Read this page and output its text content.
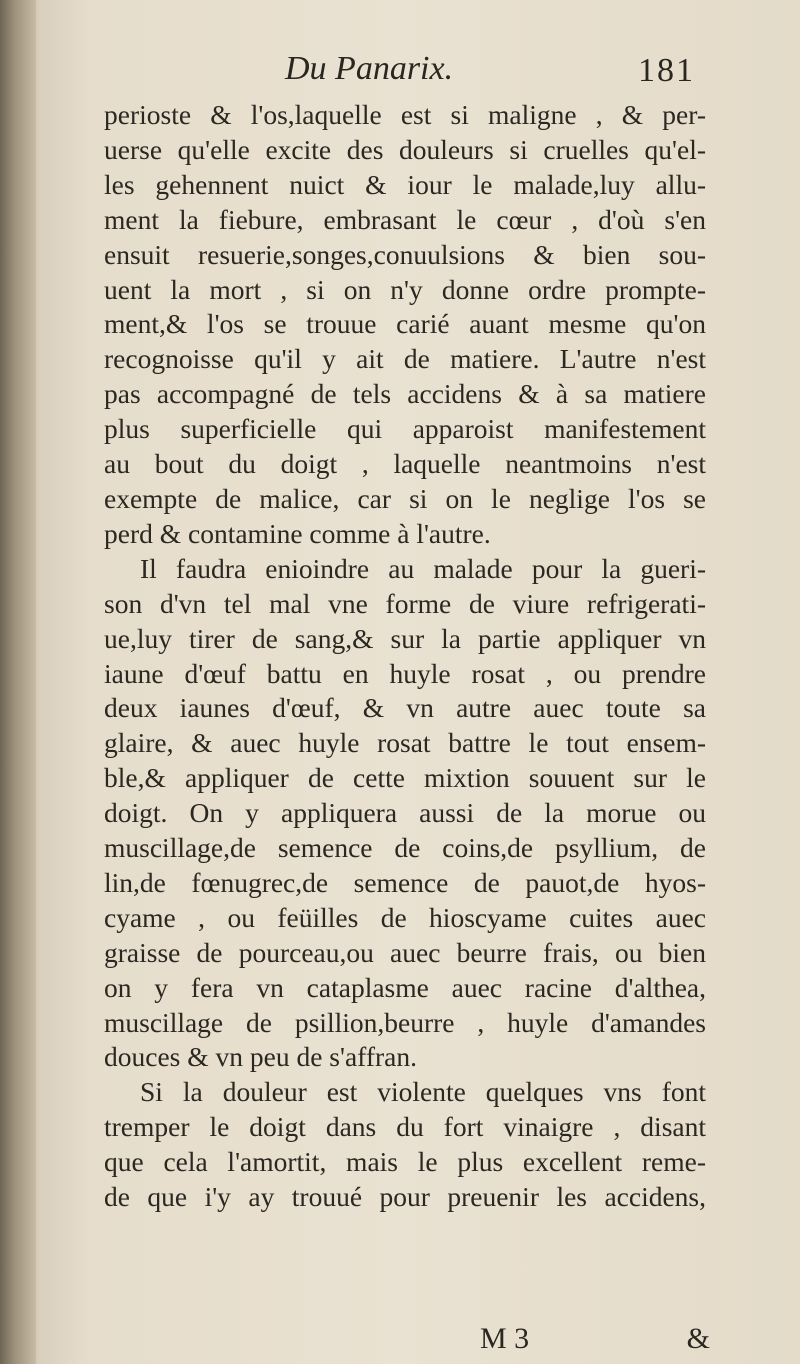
Du Panarix.	181
perioste & l'os,laquelle est si maligne , & per-
uerse qu'elle excite des douleurs si cruelles qu'el-
les gehennent nuict & iour le malade,luy allu-
ment la fiebure, embrasant le cœur , d'où s'en
ensuit resuerie,songes,conuulsions & bien sou-
uent la mort , si on n'y donne ordre prompte-
ment,& l'os se trouue carié auant mesme qu'on
recognoisse qu'il y ait de matiere. L'autre n'est
pas accompagné de tels accidens & à sa matiere
plus superficielle qui apparoist manifestement
au bout du doigt , laquelle neantmoins n'est
exempte de malice, car si on le neglige l'os se
perd & contamine comme à l'autre.
Il faudra enioindre au malade pour la gueri-
son d'vn tel mal vne forme de viure refrigerati-
ue,luy tirer de sang,& sur la partie appliquer vn
iaune d'œuf battu en huyle rosat , ou prendre
deux iaunes d'œuf, & vn autre auec toute sa
glaire, & auec huyle rosat battre le tout ensem-
ble,& appliquer de cette mixtion souuent sur le
doigt. On y appliquera aussi de la morue ou
muscillage,de semence de coins,de psyllium, de
lin,de fœnugrec,de semence de pauot,de hyos-
cyame , ou feüilles de hioscyame cuites auec
graisse de pourceau,ou auec beurre frais, ou bien
on y fera vn cataplasme auec racine d'althea,
muscillage de psillion,beurre , huyle d'amandes
douces & vn peu de s'affran.
Si la douleur est violente quelques vns font
tremper le doigt dans du fort vinaigre , disant
que cela l'amortit, mais le plus excellent reme-
de que i'y ay trouué pour preuenir les accidens,
M 3	&
